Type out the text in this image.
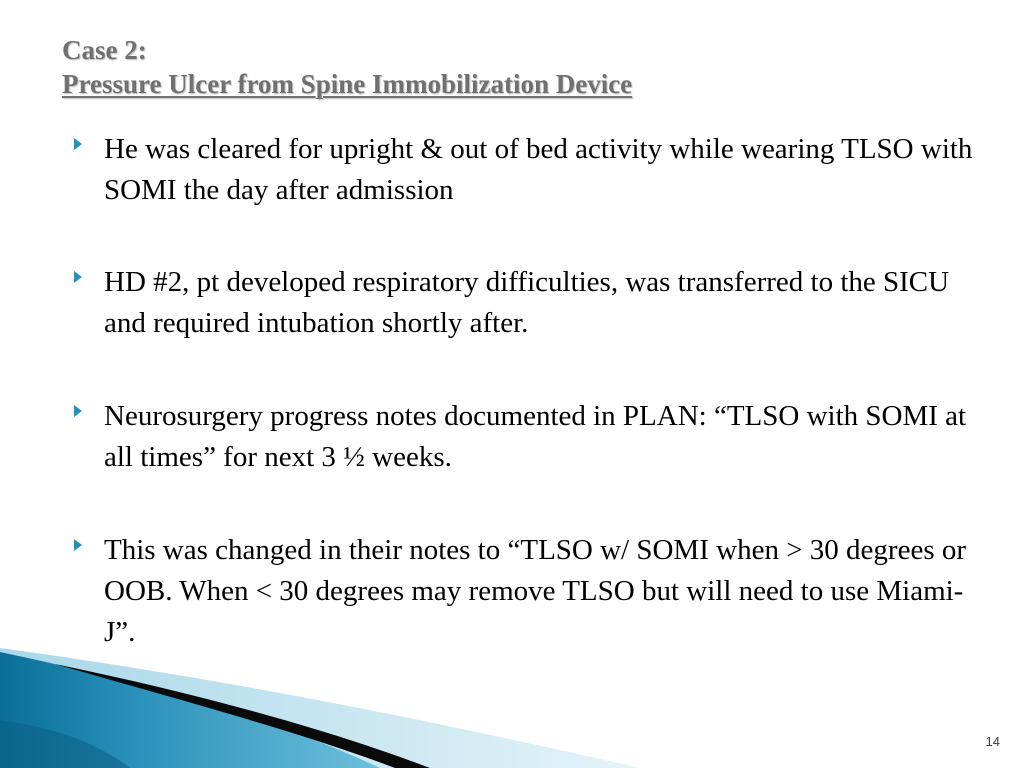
Case 2:
Pressure Ulcer from Spine Immobilization Device
He was cleared for upright & out of bed activity while wearing TLSO with SOMI the day after admission
HD #2, pt developed respiratory difficulties, was transferred to the SICU and required intubation shortly after.
Neurosurgery progress notes documented in PLAN: “TLSO with SOMI at all times” for next 3 ½ weeks.
This was changed in their notes to “TLSO w/ SOMI when > 30 degrees or OOB. When < 30 degrees may remove TLSO but will need to use Miami-J”.
14
